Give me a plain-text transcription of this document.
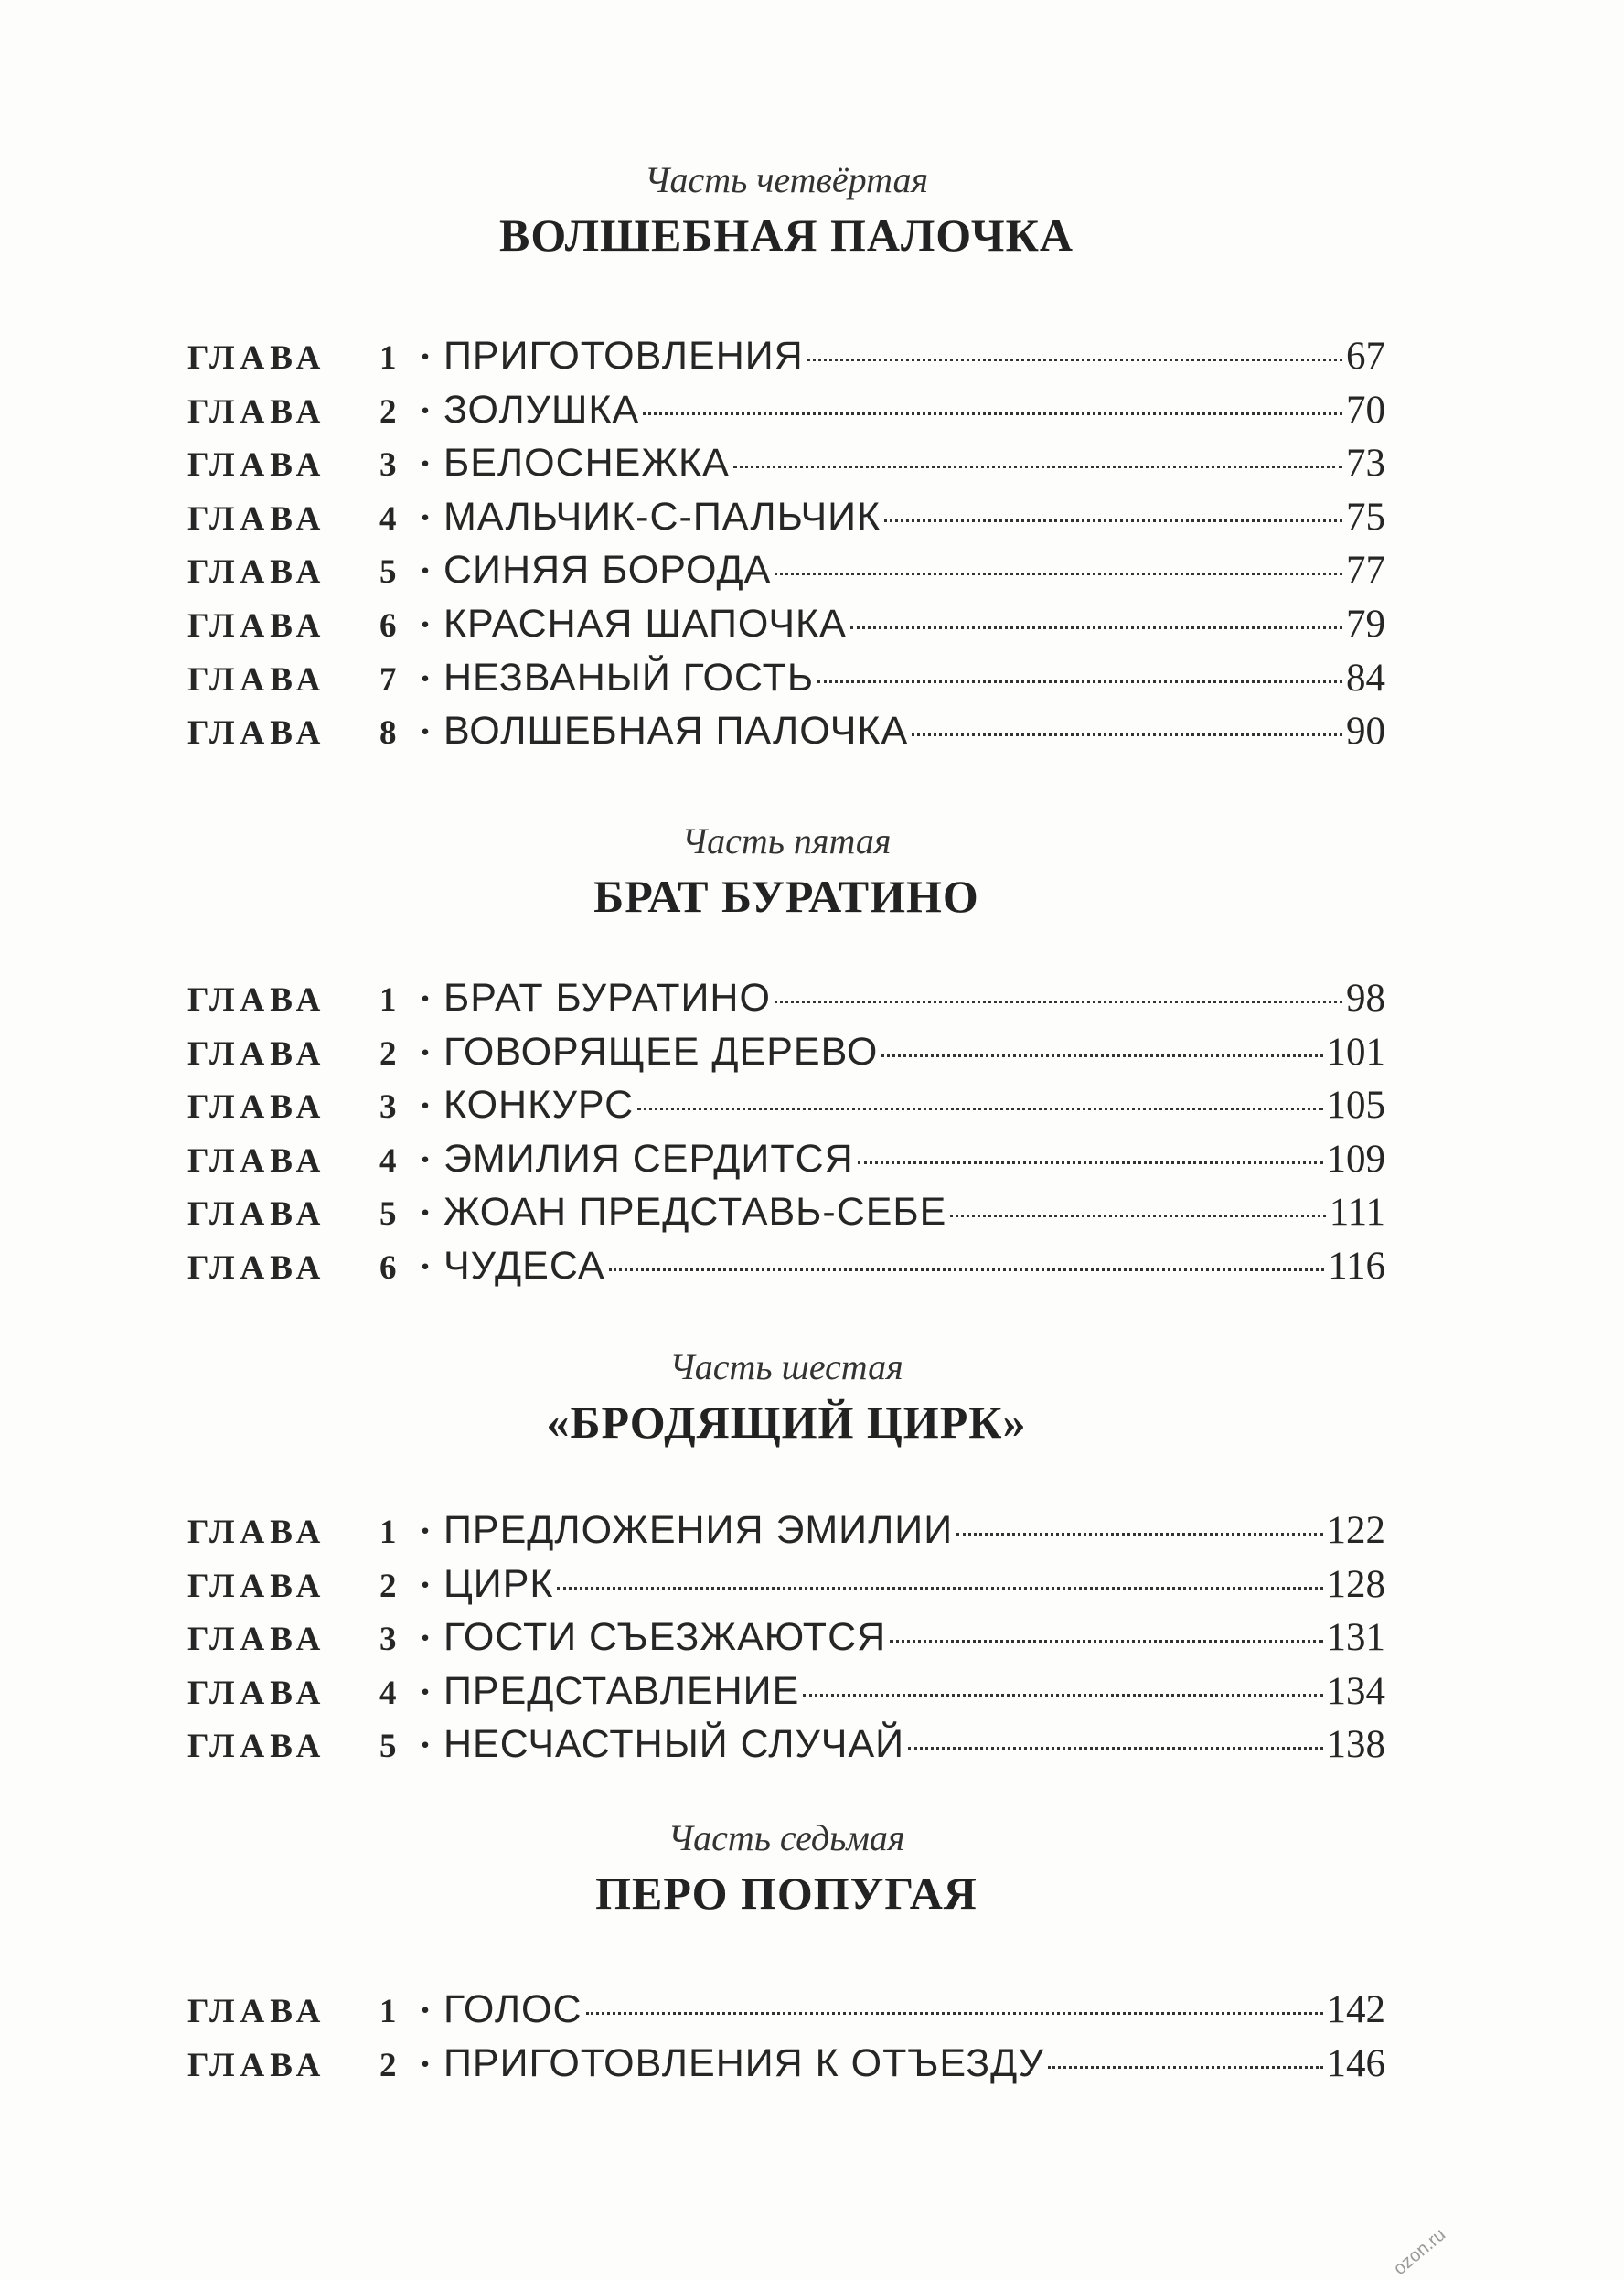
Часть четвёртая
ВОЛШЕБНАЯ ПАЛОЧКА
ГЛАВА	1 · ПРИГОТОВЛЕНИЯ	67
ГЛАВА	2 · ЗОЛУШКА	70
ГЛАВА	3 · БЕЛОСНЕЖКА	73
ГЛАВА	4 · МАЛЬЧИК-С-ПАЛЬЧИК	75
ГЛАВА	5 · СИНЯЯ БОРОДА	77
ГЛАВА	6 · КРАСНАЯ ШАПОЧКА	79
ГЛАВА	7 · НЕЗВАНЫЙ ГОСТЬ	84
ГЛАВА	8 · ВОЛШЕБНАЯ ПАЛОЧКА	90
Часть пятая
БРАТ БУРАТИНО
ГЛАВА	1 · БРАТ БУРАТИНО	98
ГЛАВА	2 · ГОВОРЯЩЕЕ ДЕРЕВО	101
ГЛАВА	3 · КОНКУРС	105
ГЛАВА	4 · ЭМИЛИЯ СЕРДИТСЯ	109
ГЛАВА	5 · ЖОАН ПРЕДСТАВЬ-СЕБЕ	111
ГЛАВА	6 · ЧУДЕСА	116
Часть шестая
«БРОДЯЩИЙ ЦИРК»
ГЛАВА	1 · ПРЕДЛОЖЕНИЯ ЭМИЛИИ	122
ГЛАВА	2 · ЦИРК	128
ГЛАВА	3 · ГОСТИ СЪЕЗЖАЮТСЯ	131
ГЛАВА	4 · ПРЕДСТАВЛЕНИЕ	134
ГЛАВА	5 · НЕСЧАСТНЫЙ СЛУЧАЙ	138
Часть седьмая
ПЕРО ПОПУГАЯ
ГЛАВА	1 · ГОЛОС	142
ГЛАВА	2 · ПРИГОТОВЛЕНИЯ К ОТЪЕЗДУ	146
ozon.ru
